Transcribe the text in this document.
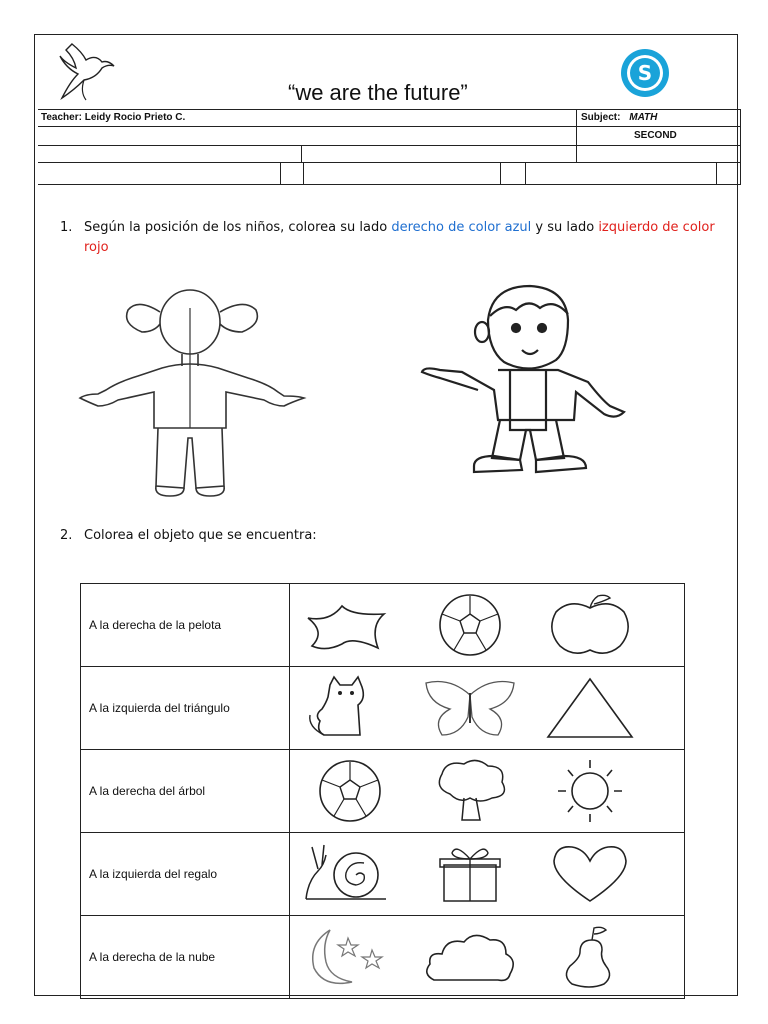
“we are the future”
S
Teacher: Leidy Rocio Prieto C.	Subject: MATH
SECOND
1. Según la posición de los niños, colorea su lado derecho de color azul y su lado izquierdo de color rojo
2. Colorea el objeto que se encuentra:
A la derecha de la pelota	

A la izquierda del triángulo	

A la derecha del árbol	

A la izquierda del regalo	

A la derecha de la nube	
